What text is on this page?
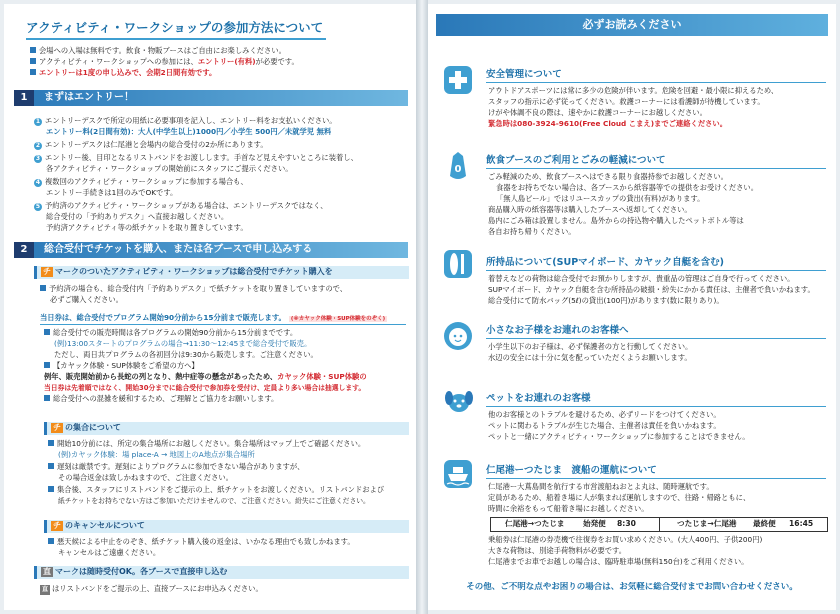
アクティビティ・ワークショップの参加方法について
会場への入場は無料です。飲食・物販ブースはご自由にお楽しみください。
アクティビティ・ワークショップへの参加には、エントリー(有料)が必要です。
エントリーは1度の申し込みで、会期2日間有効です。
1	まずはエントリー！
1 エントリーデスクで所定の用紙に必要事項を記入し、エントリー料をお支払いください。
エントリー料(2日間有効)：大人(中学生以上)1000円／小学生 500円／未就学児 無料
2 エントリーデスクは仁尾港と会場内の総合受付の2か所にあります。
3 エントリー後、目印となるリストバンドをお渡しします。手首など見えやすいところに装着し、
各アクティビティ・ワークショップの開始前にスタッフにご提示ください。
4 複数回のアクティビティ・ワークショップに参加する場合も、
エントリー手続きは1回のみでOKです。
5 予約済のアクティビティ・ワークショップがある場合は、エントリーデスクではなく、
総合受付の「予約ありデスク」へ直接お越しください。
予約済アクティビティ等の紙チケットを取り置きしています。
2	総合受付でチケットを購入、または各ブースで申し込みする
チ マークのついたアクティビティ・ワークショップは総合受付でチケット購入を
予約済の場合も、総合受付内「予約ありデスク」で紙チケットを取り置きしていますので、
必ずご購入ください。
当日券は、総合受付でプログラム開始90分前から15分前まで販売します。 (※カヤック体験・SUP体験をのぞく)
総合受付での販売時間は各プログラムの開始90分前から15分前までです。
(例)13:00スタートのプログラムの場合→11:30〜12:45まで総合受付で販売。
ただし、両日共プログラムの各初回分は9:30から販売します。ご注意ください。
【カヤック体験・SUP体験をご希望の方へ】
例年、販売開始前から長蛇の列となり、熱中症等の懸念があったため、カヤック体験・SUP体験の
当日券は先着順ではなく、開始30分までに総合受付で参加券を受付け、定員より多い場合は抽選します。
総合受付への混雑を緩和するため、ご理解とご協力をお願いします。
チ の集合について
開始10分前には、所定の集合場所にお越しください。集合場所はマップ上でご確認ください。
(例)カヤック体験：場 place-A → 地図上のA地点が集合場所
遅刻は厳禁です。遅刻によりプログラムに参加できない場合がありますが、
その場合返金は致しかねますので、ご注意ください。
集合後、スタッフにリストバンドをご提示の上、紙チケットをお渡しください。リストバンドおよび
紙チケットをお持ちでない方はご参加いただけませんので、ご注意ください。紛失にご注意ください。
チ のキャンセルについて
悪天候による中止をのぞき、紙チケット購入後の返金は、いかなる理由でも致しかねます。
キャンセルはご遠慮ください。
直 マークは随時受付OK。各ブースで直接申し込む
直 はリストバンドをご提示の上、直接ブースにお申込みください。
必ずお読みください
0
その他、ご不明な点やお困りの場合は、お気軽に総合受付までお問い合わせください。
安全管理について
アウトドアスポーツには常に多少の危険が伴います。危険を回避・最小限に抑えるため、
スタッフの指示に必ず従ってください。救護コーナーには看護師が待機しています。
けがや体調不良の際は、速やかに救護コーナーにお越しください。
緊急時は080-3924-9610(Free Cloud こまえ)までご連絡ください。
飲食ブースのご利用とごみの軽減について
ごみ軽減のため、飲食ブースへはできる限り食器持参でお越しください。
食器をお持ちでない場合は、各ブースから紙容器等での提供をお受けください。
「無人島ビール」ではリユースカップの貸出(有料)があります。
商品購入時の紙容器等は購入したブースへ返却してください。
島内にごみ箱は設置しません。島外からの持込物や購入したペットボトル等は
各自お持ち帰りください。
所持品について(SUPマイボード、カヤック自艇を含む)
着替えなどの荷物は総合受付でお預かりしますが、貴重品の管理はご自身で行ってください。
SUPマイボード、カヤック自艇を含む所持品の破損・紛失にかかる責任は、主催者で負いかねます。
総合受付にて防水バッグ(5ℓ)の貸出(100円)があります(数に限りあり)。
小さなお子様をお連れのお客様へ
小学生以下のお子様は、必ず保護者の方と行動してください。
水辺の安全には十分に気を配っていただくようお願いします。
ペットをお連れのお客様
他のお客様とのトラブルを避けるため、必ずリードをつけてください。
ペットに関わるトラブルが生じた場合、主催者は責任を負いかねます。
ペットと一緒にアクティビティ・ワークショップに参加することはできません。
仁尾港ーつたじま　渡船の運航について
仁尾港ー大蔦島間を航行する市営渡船ねおとよ丸は、随時運航です。
定員があるため、船着き場に人が集まれば運航しますので、往路・帰路ともに、
時間に余裕をもって船着き場にお越しください。
仁尾港→つたじま 始発便 8:30	つたじま→仁尾港 最終便 16:45
乗船券は仁尾港の券売機で往復券をお買い求めください。(大人400円、子供200円)
大きな荷物は、別途手荷物料が必要です。
仁尾港までお車でお越しの場合は、臨時駐車場(無料150台)をご利用ください。
